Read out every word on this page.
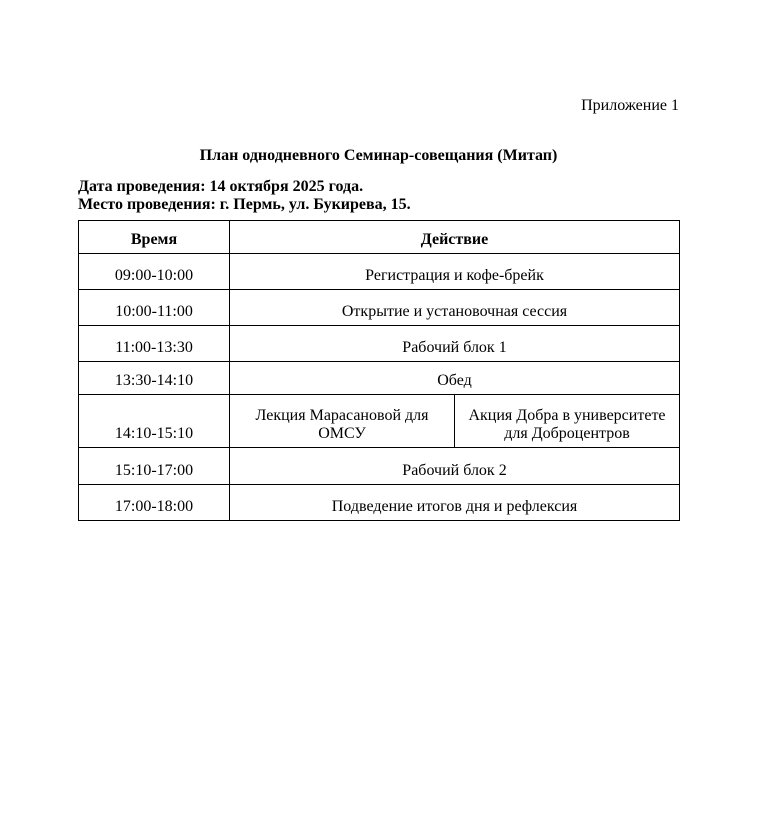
Приложение 1
План однодневного Семинар-совещания (Митап)
Дата проведения: 14 октября 2025 года.
Место проведения: г. Пермь, ул. Букирева, 15.
Время	Действие	
09:00-10:00	Регистрация и кофе-брейк	
10:00-11:00	Открытие и установочная сессия	
11:00-13:30	Рабочий блок 1	
13:30-14:10	Обед	
14:10-15:10	Лекция Марасановой для ОМСУ	Акция Добра в университете для Доброцентров
15:10-17:00	Рабочий блок 2	
17:00-18:00	Подведение итогов дня и рефлексия	
